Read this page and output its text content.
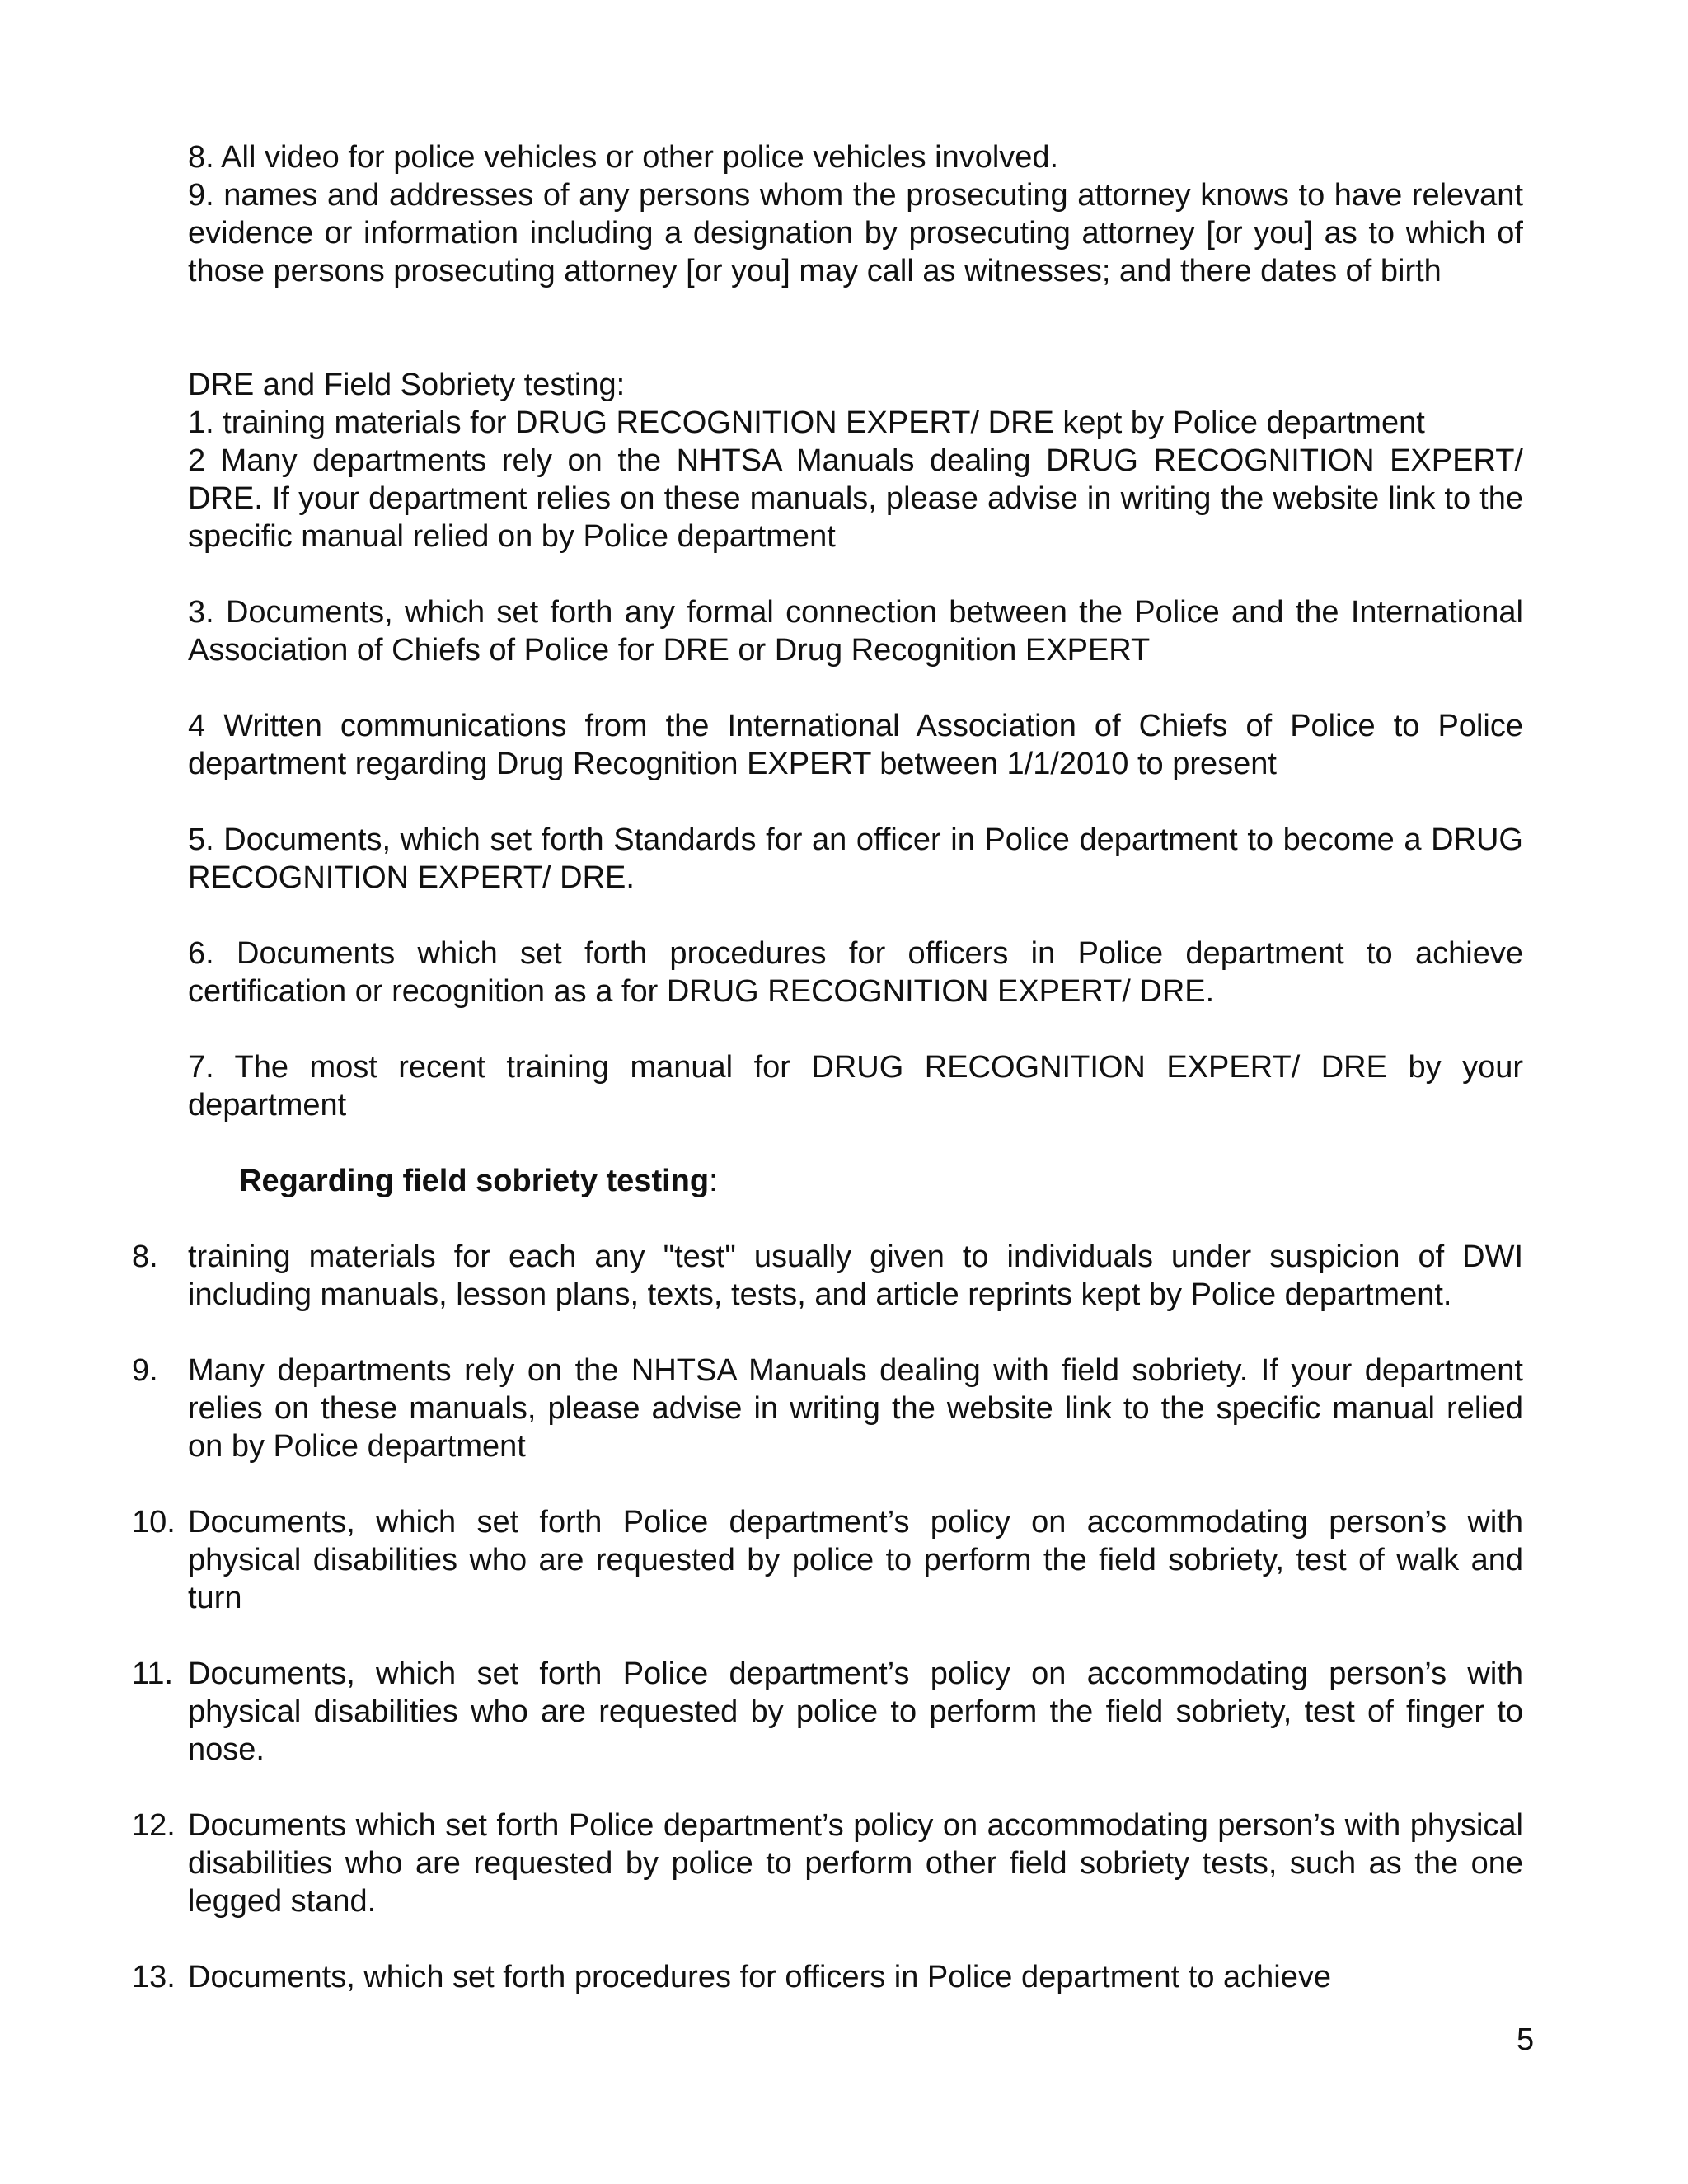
8. All video for police vehicles or other police vehicles involved.
9. names and addresses of any persons whom the prosecuting attorney knows to have relevant evidence or information including a designation by prosecuting attorney [or you] as to which of those persons prosecuting attorney [or you] may call as witnesses; and there dates of birth
DRE and Field Sobriety testing:
1. training materials for DRUG RECOGNITION EXPERT/ DRE kept by Police department
2 Many departments rely on the NHTSA Manuals dealing DRUG RECOGNITION EXPERT/ DRE. If your department relies on these manuals, please advise in writing the website link to the specific manual relied on by Police department
3. Documents, which set forth any formal connection between the Police and the International Association of Chiefs of Police for DRE or Drug Recognition EXPERT
4 Written communications from the International Association of Chiefs of Police to Police department regarding Drug Recognition EXPERT between 1/1/2010 to present
5. Documents, which set forth Standards for an officer in Police department to become a DRUG RECOGNITION EXPERT/ DRE.
6. Documents which set forth procedures for officers in Police department to achieve certification or recognition as a for DRUG RECOGNITION EXPERT/ DRE.
7. The most recent training manual for DRUG RECOGNITION EXPERT/ DRE by your department
Regarding field sobriety testing:
8. training materials for each any "test" usually given to individuals under suspicion of DWI including manuals, lesson plans, texts, tests, and article reprints kept by Police department.
9. Many departments rely on the NHTSA Manuals dealing with field sobriety. If your department relies on these manuals, please advise in writing the website link to the specific manual relied on by Police department
10. Documents, which set forth Police department’s policy on accommodating person’s with physical disabilities who are requested by police to perform the field sobriety, test of walk and turn
11. Documents, which set forth Police department’s policy on accommodating person’s with physical disabilities who are requested by police to perform the field sobriety, test of finger to nose.
12. Documents which set forth Police department’s policy on accommodating person’s with physical disabilities who are requested by police to perform other field sobriety tests, such as the one legged stand.
13. Documents, which set forth procedures for officers in Police department to achieve
5
